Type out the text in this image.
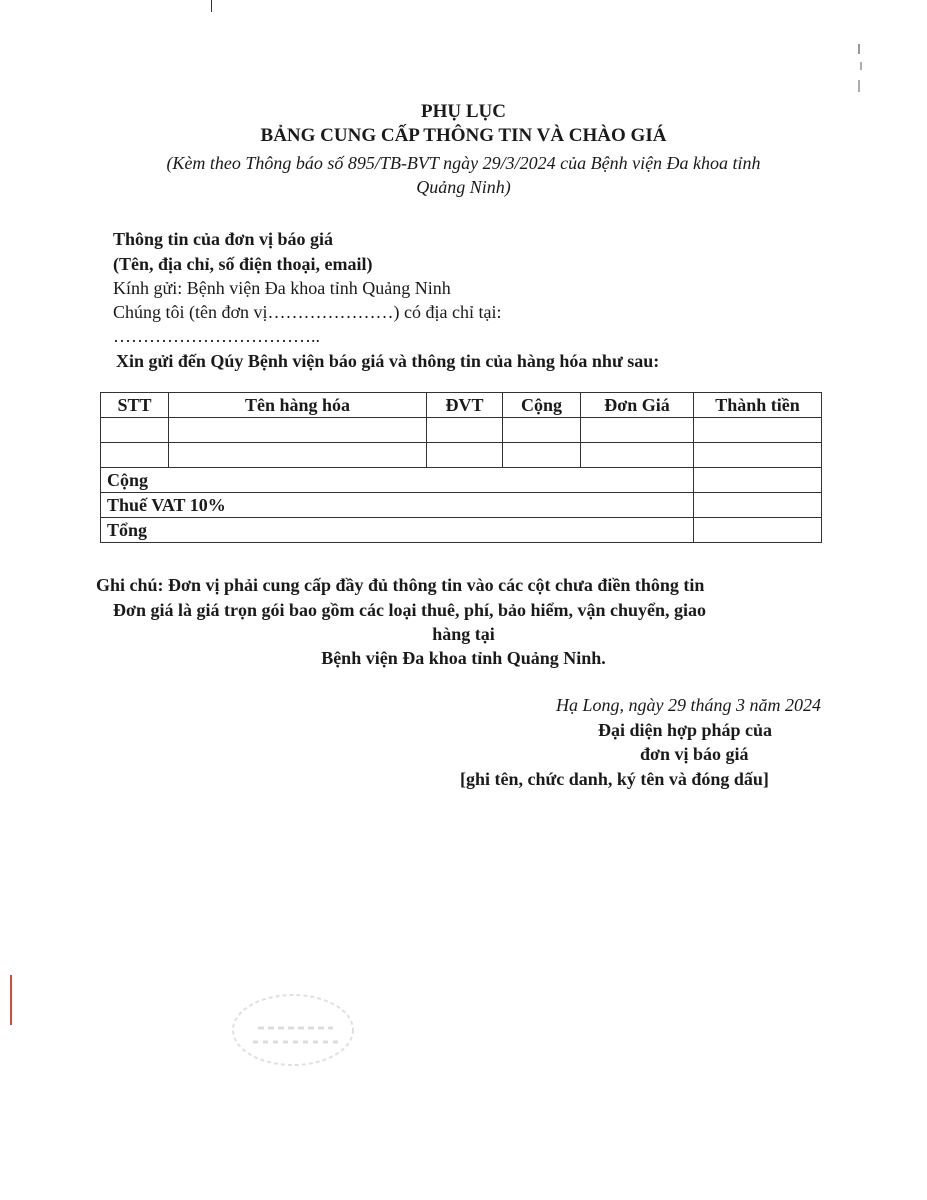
PHỤ LỤC
BẢNG CUNG CẤP THÔNG TIN VÀ CHÀO GIÁ
(Kèm theo Thông báo số 895/TB-BVT ngày 29/3/2024 của Bệnh viện Đa khoa tỉnh
Quảng Ninh)
Thông tin của đơn vị báo giá
(Tên, địa chỉ, số điện thoại, email)
Kính gửi: Bệnh viện Đa khoa tỉnh Quảng Ninh
Chúng tôi (tên đơn vị…………………) có địa chỉ tại:
……………………………..
Xin gửi đến Qúy Bệnh viện báo giá và thông tin của hàng hóa như sau:
STT	Tên hàng hóa	ĐVT	Cộng	Đơn Giá	Thành tiền

Cộng					
Thuế VAT 10%					
Tổng					
Ghi chú: Đơn vị phải cung cấp đầy đủ thông tin vào các cột chưa điền thông tin
Đơn giá là giá trọn gói bao gồm các loại thuê, phí, bảo hiểm, vận chuyển, giao
hàng tại
Bệnh viện Đa khoa tỉnh Quảng Ninh.
Hạ Long, ngày 29 tháng 3 năm 2024
Đại diện hợp pháp của
đơn vị báo giá
[ghi tên, chức danh, ký tên và đóng dấu]
